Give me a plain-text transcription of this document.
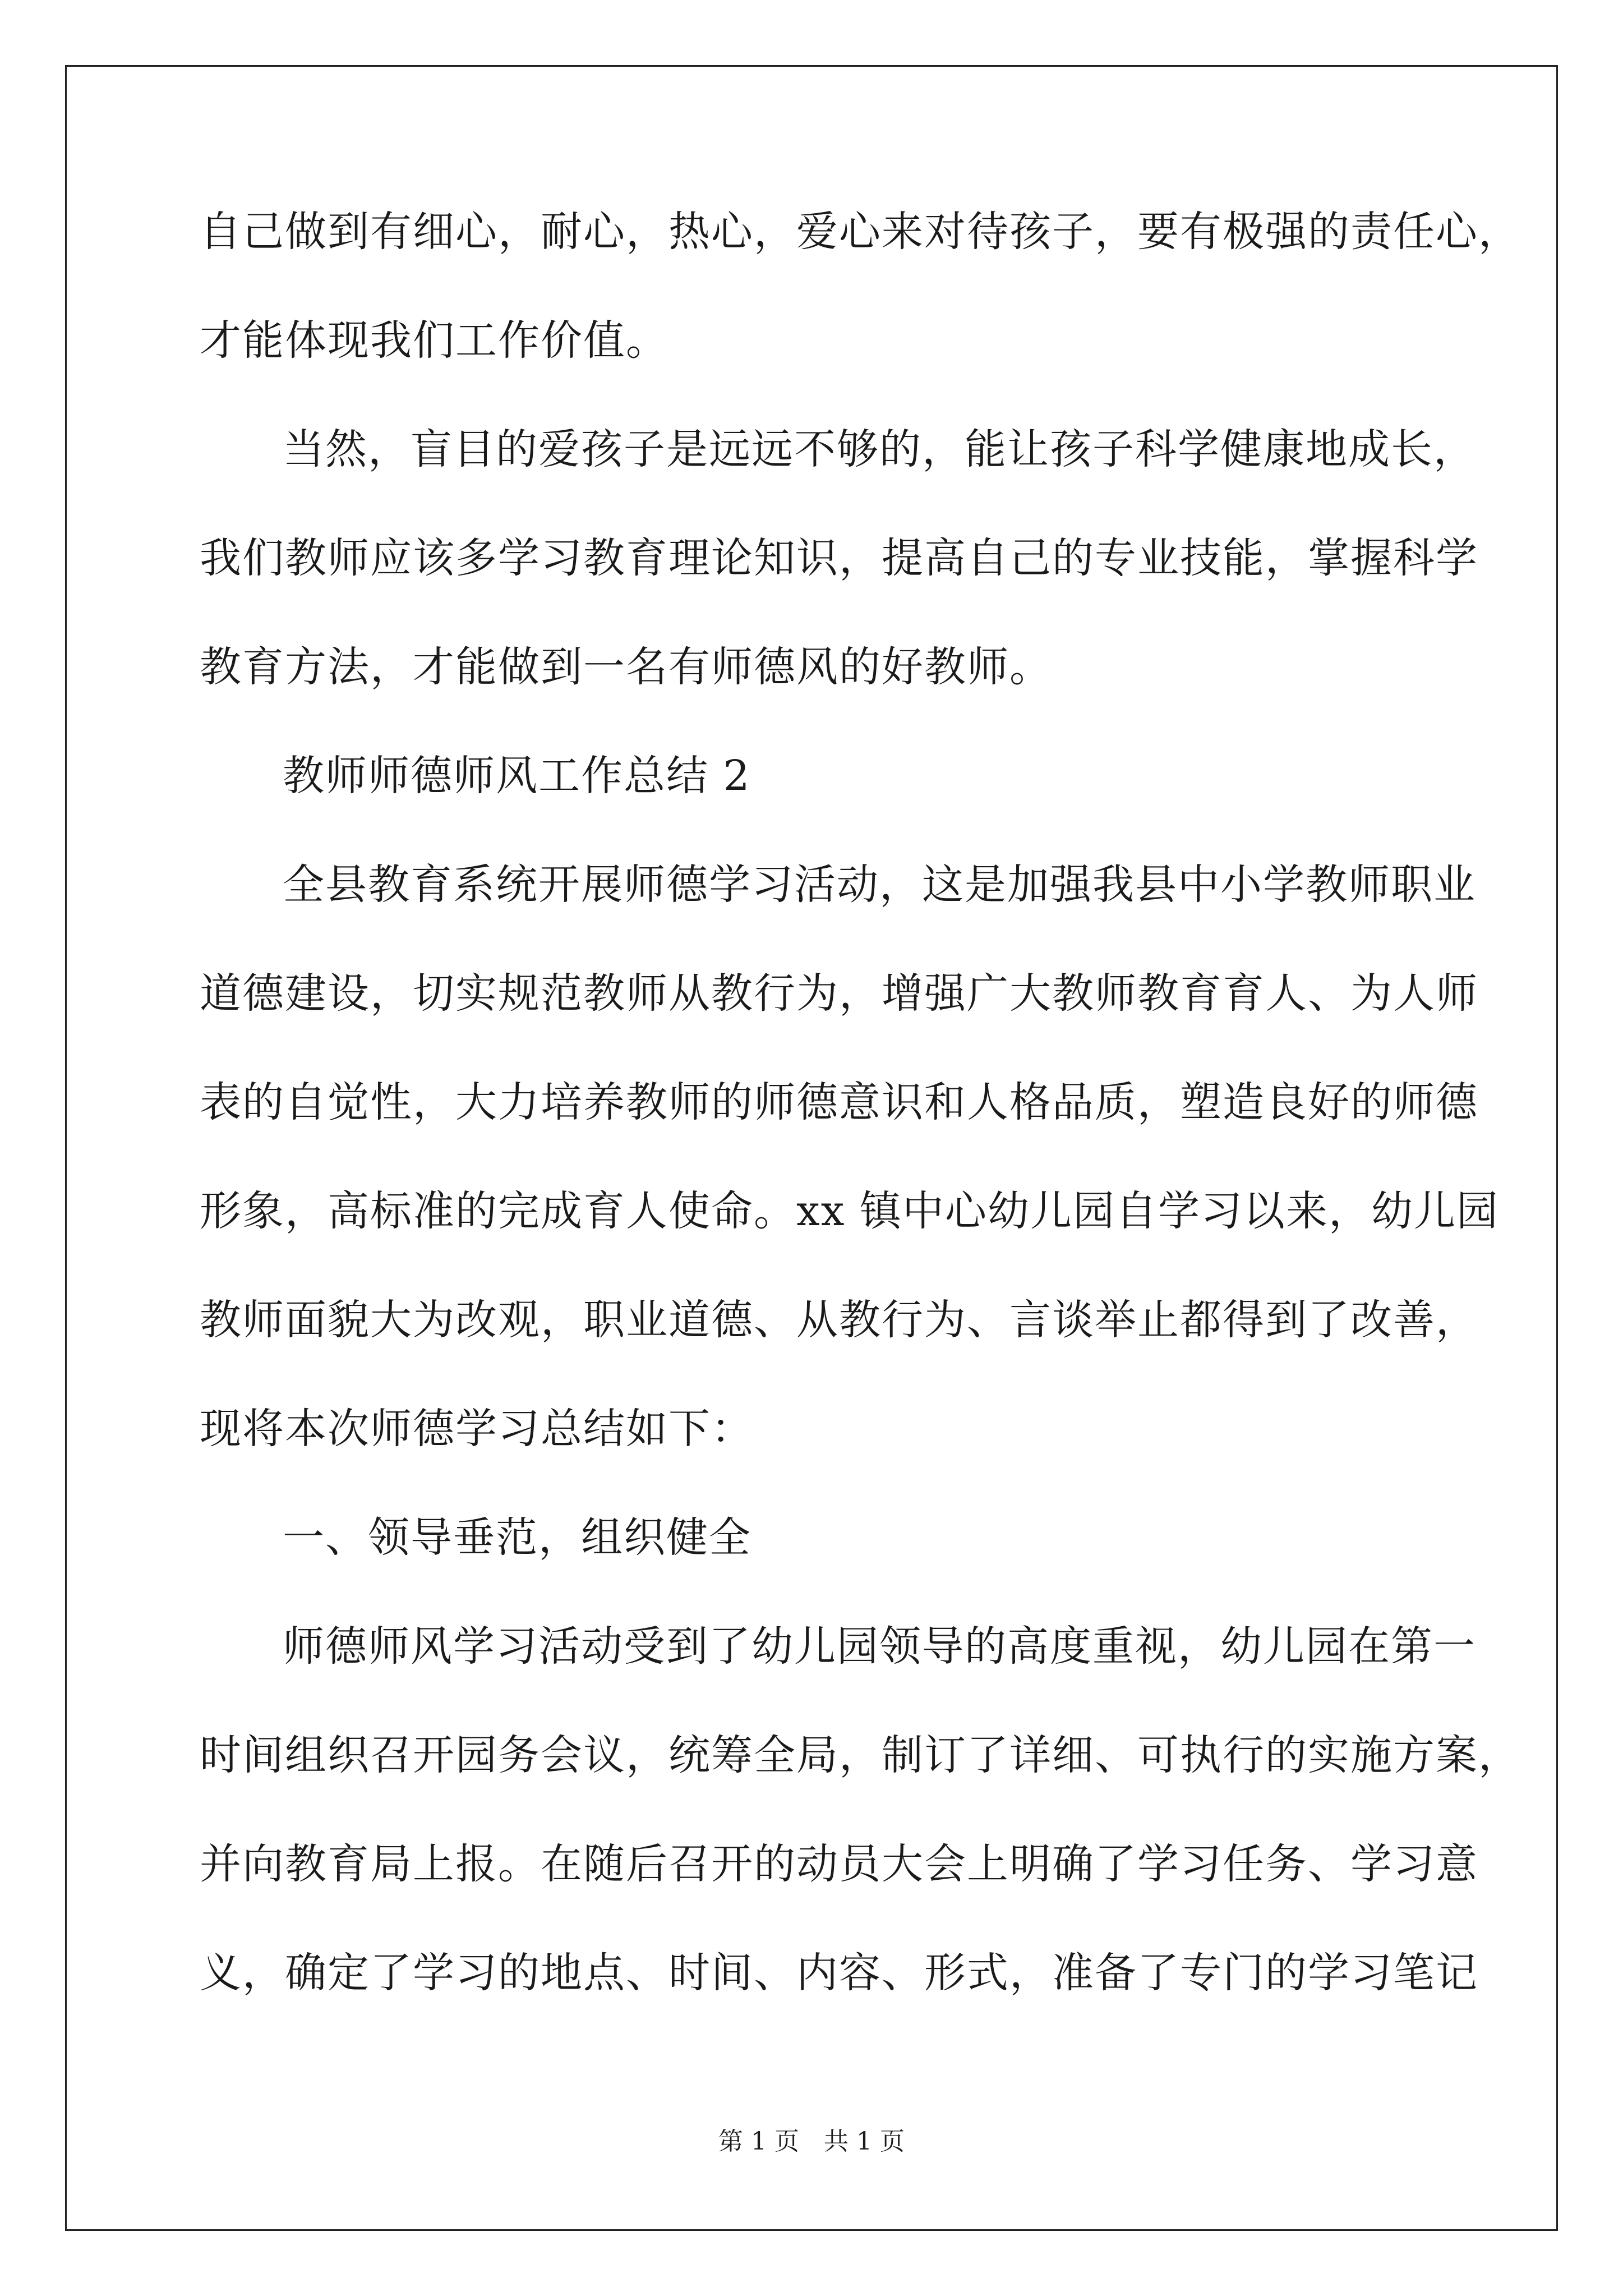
自己做到有细心，耐心，热心，爱心来对待孩子，要有极强的责任心，
才能体现我们工作价值。
当然，盲目的爱孩子是远远不够的，能让孩子科学健康地成长，
我们教师应该多学习教育理论知识，提高自己的专业技能，掌握科学
教育方法，才能做到一名有师德风的好教师。
教师师德师风工作总结 2
全县教育系统开展师德学习活动，这是加强我县中小学教师职业
道德建设，切实规范教师从教行为，增强广大教师教育育人、为人师
表的自觉性，大力培养教师的师德意识和人格品质，塑造良好的师德
形象，高标准的完成育人使命。xx 镇中心幼儿园自学习以来，幼儿园
教师面貌大为改观，职业道德、从教行为、言谈举止都得到了改善，
现将本次师德学习总结如下：
一、领导垂范，组织健全
师德师风学习活动受到了幼儿园领导的高度重视，幼儿园在第一
时间组织召开园务会议，统筹全局，制订了详细、可执行的实施方案，
并向教育局上报。在随后召开的动员大会上明确了学习任务、学习意
义，确定了学习的地点、时间、内容、形式，准备了专门的学习笔记
第 1 页　共 1 页
